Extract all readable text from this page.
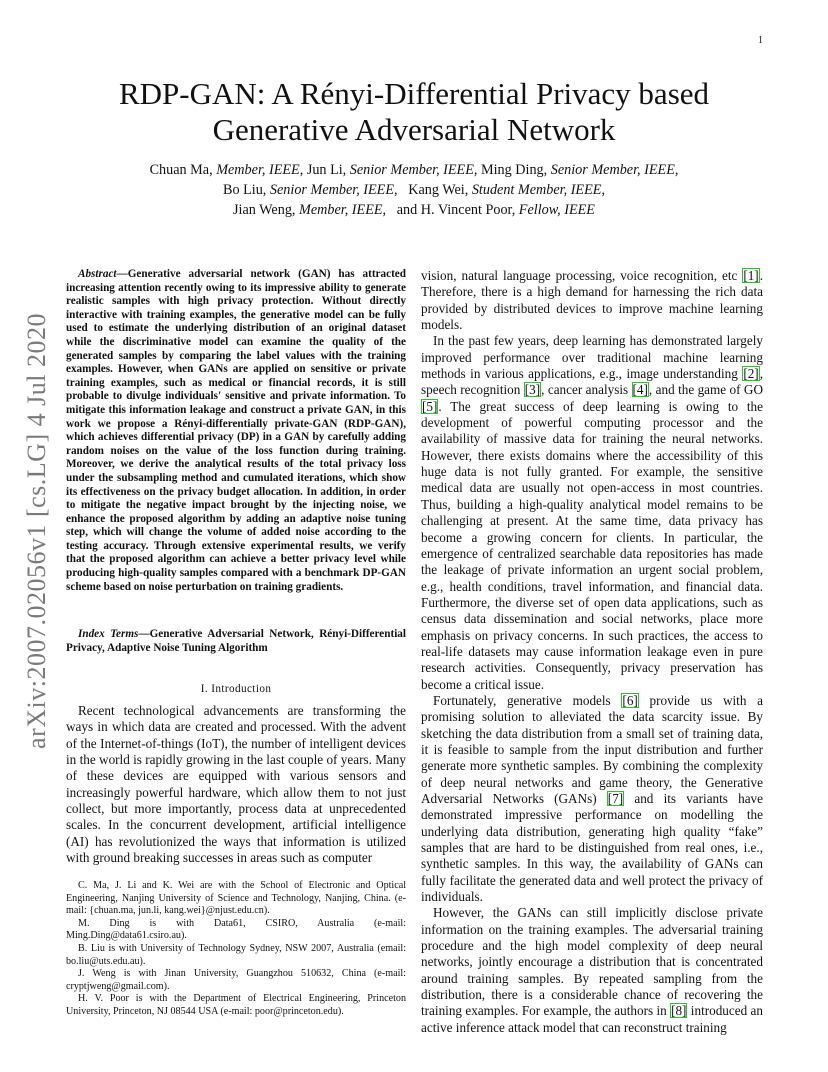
1
arXiv:2007.02056v1 [cs.LG] 4 Jul 2020
RDP-GAN: A Rényi-Differential Privacy based
Generative Adversarial Network
Chuan Ma, Member, IEEE, Jun Li, Senior Member, IEEE, Ming Ding, Senior Member, IEEE,
Bo Liu, Senior Member, IEEE, Kang Wei, Student Member, IEEE,
Jian Weng, Member, IEEE, and H. Vincent Poor, Fellow, IEEE

Abstract—Generative adversarial network (GAN) has attracted increasing attention recently owing to its impressive ability to generate realistic samples with high privacy protection. Without directly interactive with training examples, the generative model can be fully used to estimate the underlying distribution of an original dataset while the discriminative model can examine the quality of the generated samples by comparing the label values with the training examples. However, when GANs are applied on sensitive or private training examples, such as medical or financial records, it is still probable to divulge individuals' sensitive and private information. To mitigate this information leakage and construct a private GAN, in this work we propose a Rényi-differentially private-GAN (RDP-GAN), which achieves differential privacy (DP) in a GAN by carefully adding random noises on the value of the loss function during training. Moreover, we derive the analytical results of the total privacy loss under the subsampling method and cumulated iterations, which show its effectiveness on the privacy budget allocation. In addition, in order to mitigate the negative impact brought by the injecting noise, we enhance the proposed algorithm by adding an adaptive noise tuning step, which will change the volume of added noise according to the testing accuracy. Through extensive experimental results, we verify that the proposed algorithm can achieve a better privacy level while producing high-quality samples compared with a benchmark DP-GAN scheme based on noise perturbation on training gradients.

Index Terms—Generative Adversarial Network, Rényi-Differential Privacy, Adaptive Noise Tuning Algorithm

I. Introduction

Recent technological advancements are transforming the ways in which data are created and processed. With the advent of the Internet-of-things (IoT), the number of intelligent devices in the world is rapidly growing in the last couple of years. Many of these devices are equipped with various sensors and increasingly powerful hardware, which allow them to not just collect, but more importantly, process data at unprecedented scales. In the concurrent development, artificial intelligence (AI) has revolutionized the ways that information is utilized with ground breaking successes in areas such as computer

C. Ma, J. Li and K. Wei are with the School of Electronic and Optical Engineering, Nanjing University of Science and Technology, Nanjing, China. (e-mail: {chuan.ma, jun.li, kang.wei}@njust.edu.cn).

M. Ding is with Data61, CSIRO, Australia (e-mail: Ming.Ding@data61.csiro.au).

B. Liu is with University of Technology Sydney, NSW 2007, Australia (email: bo.liu@uts.edu.au).

J. Weng is with Jinan University, Guangzhou 510632, China (e-mail: cryptjweng@gmail.com).

H. V. Poor is with the Department of Electrical Engineering, Princeton University, Princeton, NJ 08544 USA (e-mail: poor@princeton.edu).

vision, natural language processing, voice recognition, etc [1]. Therefore, there is a high demand for harnessing the rich data provided by distributed devices to improve machine learning models.

In the past few years, deep learning has demonstrated largely improved performance over traditional machine learning methods in various applications, e.g., image understanding [2], speech recognition [3], cancer analysis [4], and the game of GO [5]. The great success of deep learning is owing to the development of powerful computing processor and the availability of massive data for training the neural networks. However, there exists domains where the accessibility of this huge data is not fully granted. For example, the sensitive medical data are usually not open-access in most countries. Thus, building a high-quality analytical model remains to be challenging at present. At the same time, data privacy has become a growing concern for clients. In particular, the emergence of centralized searchable data repositories has made the leakage of private information an urgent social problem, e.g., health conditions, travel information, and financial data. Furthermore, the diverse set of open data applications, such as census data dissemination and social networks, place more emphasis on privacy concerns. In such practices, the access to real-life datasets may cause information leakage even in pure research activities. Consequently, privacy preservation has become a critical issue.

Fortunately, generative models [6] provide us with a promising solution to alleviated the data scarcity issue. By sketching the data distribution from a small set of training data, it is feasible to sample from the input distribution and further generate more synthetic samples. By combining the complexity of deep neural networks and game theory, the Generative Adversarial Networks (GANs) [7] and its variants have demonstrated impressive performance on modelling the underlying data distribution, generating high quality “fake” samples that are hard to be distinguished from real ones, i.e., synthetic samples. In this way, the availability of GANs can fully facilitate the generated data and well protect the privacy of individuals.

However, the GANs can still implicitly disclose private information on the training examples. The adversarial training procedure and the high model complexity of deep neural networks, jointly encourage a distribution that is concentrated around training samples. By repeated sampling from the distribution, there is a considerable chance of recovering the training examples. For example, the authors in [8] introduced an active inference attack model that can reconstruct training
